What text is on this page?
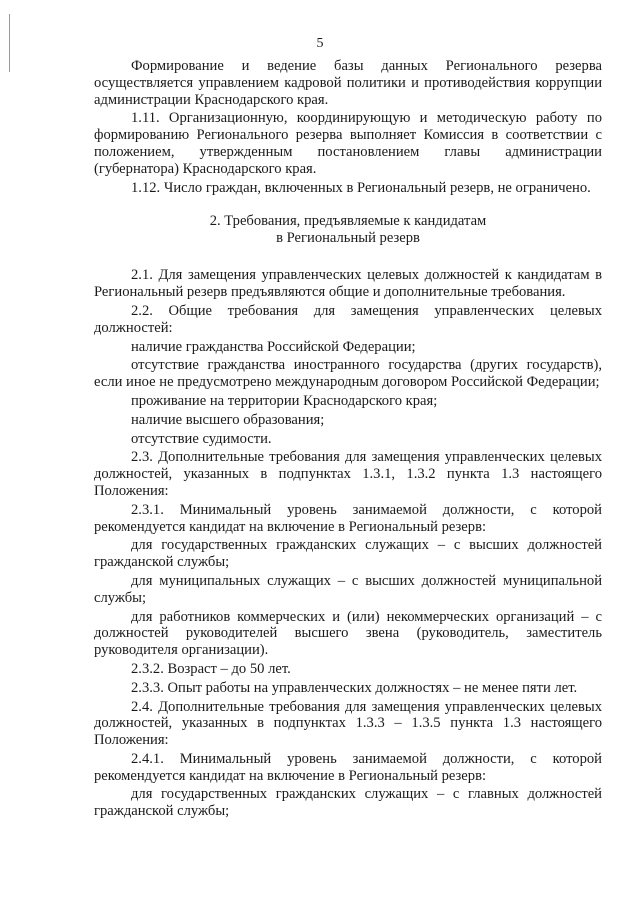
5

Формирование и ведение базы данных Регионального резерва осуществляется управлением кадровой политики и противодействия коррупции администрации Краснодарского края.

1.11. Организационную, координирующую и методическую работу по формированию Регионального резерва выполняет Комиссия в соответствии с положением, утвержденным постановлением главы администрации (губернатора) Краснодарского края.

1.12. Число граждан, включенных в Региональный резерв, не ограничено.

2. Требования, предъявляемые к кандидатам
в Региональный резерв

2.1. Для замещения управленческих целевых должностей к кандидатам в Региональный резерв предъявляются общие и дополнительные требования.

2.2. Общие требования для замещения управленческих целевых должностей:

наличие гражданства Российской Федерации;

отсутствие гражданства иностранного государства (других государств), если иное не предусмотрено международным договором Российской Федерации;

проживание на территории Краснодарского края;

наличие высшего образования;

отсутствие судимости.

2.3. Дополнительные требования для замещения управленческих целевых должностей, указанных в подпунктах 1.3.1, 1.3.2 пункта 1.3 настоящего Положения:

2.3.1. Минимальный уровень занимаемой должности, с которой рекомендуется кандидат на включение в Региональный резерв:

для государственных гражданских служащих – с высших должностей гражданской службы;

для муниципальных служащих – с высших должностей муниципальной службы;

для работников коммерческих и (или) некоммерческих организаций – с должностей руководителей высшего звена (руководитель, заместитель руководителя организации).

2.3.2. Возраст – до 50 лет.

2.3.3. Опыт работы на управленческих должностях – не менее пяти лет.

2.4. Дополнительные требования для замещения управленческих целевых должностей, указанных в подпунктах 1.3.3 – 1.3.5 пункта 1.3 настоящего Положения:

2.4.1. Минимальный уровень занимаемой должности, с которой рекомендуется кандидат на включение в Региональный резерв:

для государственных гражданских служащих – с главных должностей гражданской службы;
